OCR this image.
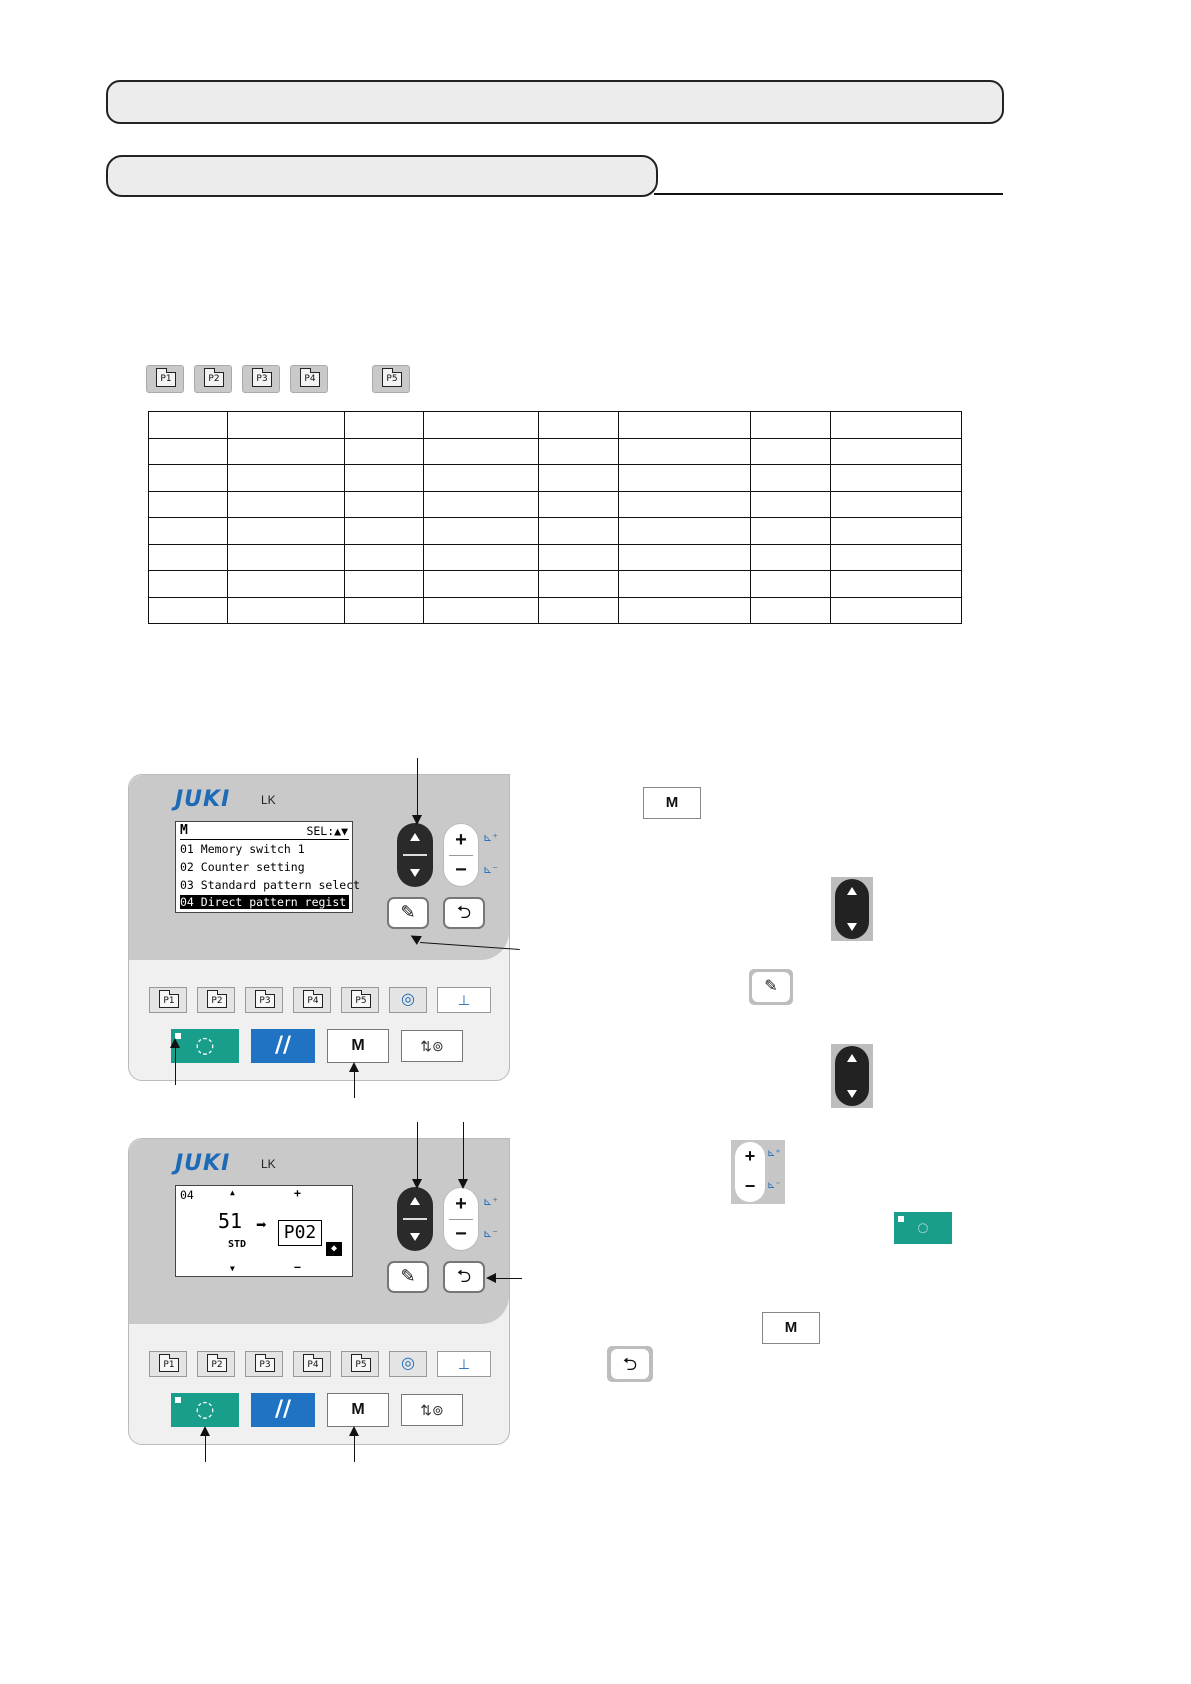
P1	P2	P3	P4	P5

JUKI	LK
M	SEL:▲▼
01 Memory switch 1
02 Counter setting
03 Standard pattern select
04 Direct pattern regist.
+
−
⊾⁺
⊾⁻
✎	⮌
P1	P2	P3	P4	P5	◎	⊥
◌	//	M	⇅⊚
JUKI	LK
04	▲	+
51
STD
➡ P02
◆
▼	−
+
−
⊾⁺
⊾⁻
✎	⮌
P1	P2	P3	P4	P5	◎	⊥
◌	//	M	⇅⊚
M
✎
+
−
⊾⁺
⊾⁻
◌
M
⮌
